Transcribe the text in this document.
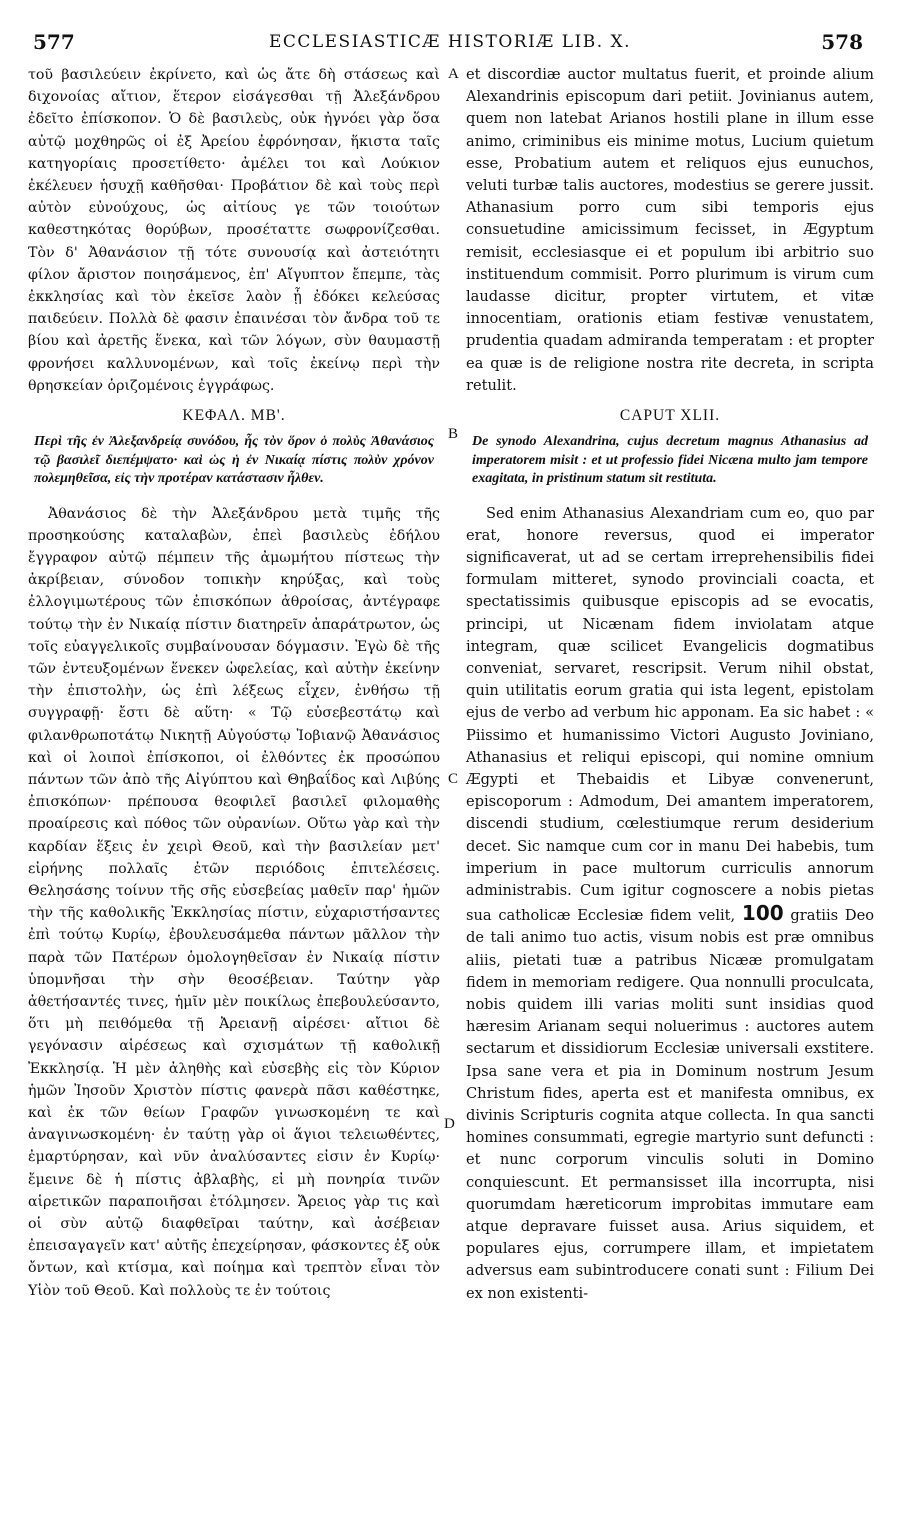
577	ECCLESIASTICÆ HISTORIÆ LIB. X.	578
A
B
C
D

τοῦ βασιλεύειν ἐκρίνετο, καὶ ὡς ἄτε δὴ στάσεως καὶ διχονοίας αἴτιον, ἕτερον εἰσάγεσθαι τῇ Ἀλεξάνδρου ἐδεῖτο ἐπίσκοπον. Ὁ δὲ βασιλεὺς, οὐκ ἠγνόει γὰρ ὅσα αὐτῷ μοχθηρῶς οἱ ἐξ Ἀρείου ἐφρόνησαν, ἥκιστα ταῖς κατηγορίαις προσετίθετο· ἀμέλει τοι καὶ Λούκιον ἐκέλευεν ἡσυχῇ καθῆσθαι· Προβάτιον δὲ καὶ τοὺς περὶ αὐτὸν εὐνούχους, ὡς αἰτίους γε τῶν τοιούτων καθεστηκότας θορύβων, προσέταττε σωφρονίζεσθαι. Τὸν δ' Ἀθανάσιον τῇ τότε συνουσίᾳ καὶ ἀστειότητι φίλον ἄριστον ποιησάμενος, ἐπ' Αἴγυπτον ἔπεμπε, τὰς ἐκκλησίας καὶ τὸν ἐκεῖσε λαὸν ᾗ ἐδόκει κελεύσας παιδεύειν. Πολλὰ δὲ φασιν ἐπαινέσαι τὸν ἄνδρα τοῦ τε βίου καὶ ἀρετῆς ἕνεκα, καὶ τῶν λόγων, σὺν θαυμαστῇ φρονήσει καλλυνομένων, καὶ τοῖς ἐκείνῳ περὶ τὴν θρησκείαν ὁριζομένοις ἐγγράφως.

ΚΕΦΑΛ. ΜΒ'.

Περὶ τῆς ἐν Ἀλεξανδρείᾳ συνόδου, ἧς τὸν ὅρον ὁ πολὺς Ἀθανάσιος τῷ βασιλεῖ διεπέμψατο· καὶ ὡς ἡ ἐν Νικαίᾳ πίστις πολὺν χρόνον πολεμηθεῖσα, εἰς τὴν προτέραν κατάστασιν ἦλθεν.

Ἀθανάσιος δὲ τὴν Ἀλεξάνδρου μετὰ τιμῆς τῆς προσηκούσης καταλαβὼν, ἐπεὶ βασιλεὺς ἐδήλου ἔγγραφον αὐτῷ πέμπειν τῆς ἀμωμήτου πίστεως τὴν ἀκρίβειαν, σύνοδον τοπικὴν κηρύξας, καὶ τοὺς ἐλλογιμωτέρους τῶν ἐπισκόπων ἀθροίσας, ἀντέγραφε τούτῳ τὴν ἐν Νικαίᾳ πίστιν διατηρεῖν ἀπαράτρωτον, ὡς τοῖς εὐαγγελικοῖς συμβαίνουσαν δόγμασιν. Ἐγὼ δὲ τῆς τῶν ἐντευξομένων ἕνεκεν ὠφελείας, καὶ αὐτὴν ἐκείνην τὴν ἐπιστολὴν, ὡς ἐπὶ λέξεως εἶχεν, ἐνθήσω τῇ συγγραφῇ· ἔστι δὲ αὕτη· « Τῷ εὐσεβεστάτῳ καὶ φιλανθρωποτάτῳ Νικητῇ Αὐγούστῳ Ἰοβιανῷ Ἀθανάσιος καὶ οἱ λοιποὶ ἐπίσκοποι, οἱ ἐλθόντες ἐκ προσώπου πάντων τῶν ἀπὸ τῆς Αἰγύπτου καὶ Θηβαΐδος καὶ Λιβύης ἐπισκόπων· πρέπουσα θεοφιλεῖ βασιλεῖ φιλομαθὴς προαίρεσις καὶ πόθος τῶν οὐρανίων. Οὕτω γὰρ καὶ τὴν καρδίαν ἕξεις ἐν χειρὶ Θεοῦ, καὶ τὴν βασιλείαν μετ' εἰρήνης πολλαῖς ἐτῶν περιόδοις ἐπιτελέσεις. Θελησάσης τοίνυν τῆς σῆς εὐσεβείας μαθεῖν παρ' ἡμῶν τὴν τῆς καθολικῆς Ἐκκλησίας πίστιν, εὐχαριστήσαντες ἐπὶ τούτῳ Κυρίῳ, ἐβουλευσάμεθα πάντων μᾶλλον τὴν παρὰ τῶν Πατέρων ὁμολογηθεῖσαν ἐν Νικαίᾳ πίστιν ὑπομνῆσαι τὴν σὴν θεοσέβειαν. Ταύτην γὰρ ἀθετήσαντές τινες, ἡμῖν μὲν ποικίλως ἐπεβουλεύσαντο, ὅτι μὴ πειθόμεθα τῇ Ἀρειανῇ αἱρέσει· αἴτιοι δὲ γεγόνασιν αἱρέσεως καὶ σχισμάτων τῇ καθολικῇ Ἐκκλησίᾳ. Ἡ μὲν ἀληθὴς καὶ εὐσεβὴς εἰς τὸν Κύριον ἡμῶν Ἰησοῦν Χριστὸν πίστις φανερὰ πᾶσι καθέστηκε, καὶ ἐκ τῶν θείων Γραφῶν γινωσκομένη τε καὶ ἀναγινωσκομένη· ἐν ταύτῃ γὰρ οἱ ἅγιοι τελειωθέντες, ἐμαρτύρησαν, καὶ νῦν ἀναλύσαντες εἰσιν ἐν Κυρίῳ· ἔμεινε δὲ ἡ πίστις ἀβλαβὴς, εἰ μὴ πονηρία τινῶν αἱρετικῶν παραποιῆσαι ἐτόλμησεν. Ἄρειος γὰρ τις καὶ οἱ σὺν αὐτῷ διαφθεῖραι ταύτην, καὶ ἀσέβειαν ἐπεισαγαγεῖν κατ' αὐτῆς ἐπεχείρησαν, φάσκοντες ἐξ οὐκ ὄντων, καὶ κτίσμα, καὶ ποίημα καὶ τρεπτὸν εἶναι τὸν Υἱὸν τοῦ Θεοῦ. Καὶ πολλοὺς τε ἐν τούτοις

et discordiæ auctor multatus fuerit, et proinde alium Alexandrinis episcopum dari petiit. Jovinianus autem, quem non latebat Arianos hostili plane in illum esse animo, criminibus eis minime motus, Lucium quietum esse, Probatium autem et reliquos ejus eunuchos, veluti turbæ talis auctores, modestius se gerere jussit. Athanasium porro cum sibi temporis ejus consuetudine amicissimum fecisset, in Ægyptum remisit, ecclesiasque ei et populum ibi arbitrio suo instituendum commisit. Porro plurimum is virum cum laudasse dicitur, propter virtutem, et vitæ innocentiam, orationis etiam festivæ venustatem, prudentia quadam admiranda temperatam : et propter ea quæ is de religione nostra rite decreta, in scripta retulit.

CAPUT XLII.

De synodo Alexandrina, cujus decretum magnus Athanasius ad imperatorem misit : et ut professio fidei Nicæna multo jam tempore exagitata, in pristinum statum sit restituta.

Sed enim Athanasius Alexandriam cum eo, quo par erat, honore reversus, quod ei imperator significaverat, ut ad se certam irreprehensibilis fidei formulam mitteret, synodo provinciali coacta, et spectatissimis quibusque episcopis ad se evocatis, principi, ut Nicænam fidem inviolatam atque integram, quæ scilicet Evangelicis dogmatibus conveniat, servaret, rescripsit. Verum nihil obstat, quin utilitatis eorum gratia qui ista legent, epistolam ejus de verbo ad verbum hic apponam. Ea sic habet : « Piissimo et humanissimo Victori Augusto Joviniano, Athanasius et reliqui episcopi, qui nomine omnium Ægypti et Thebaidis et Libyæ convenerunt, episcoporum : Admodum, Dei amantem imperatorem, discendi studium, cœlestiumque rerum desiderium decet. Sic namque cum cor in manu Dei habebis, tum imperium in pace multorum curriculis annorum administrabis. Cum igitur cognoscere a nobis pietas sua catholicæ Ecclesiæ fidem velit, 100 gratiis Deo de tali animo tuo actis, visum nobis est præ omnibus aliis, pietati tuæ a patribus Nicææ promulgatam fidem in memoriam redigere. Qua nonnulli proculcata, nobis quidem illi varias moliti sunt insidias quod hæresim Arianam sequi noluerimus : auctores autem sectarum et dissidiorum Ecclesiæ universali exstitere. Ipsa sane vera et pia in Dominum nostrum Jesum Christum fides, aperta est et manifesta omnibus, ex divinis Scripturis cognita atque collecta. In qua sancti homines consummati, egregie martyrio sunt defuncti : et nunc corporum vinculis soluti in Domino conquiescunt. Et permansisset illa incorrupta, nisi quorumdam hæreticorum improbitas immutare eam atque depravare fuisset ausa. Arius siquidem, et populares ejus, corrumpere illam, et impietatem adversus eam subintroducere conati sunt : Filium Dei ex non existenti-
